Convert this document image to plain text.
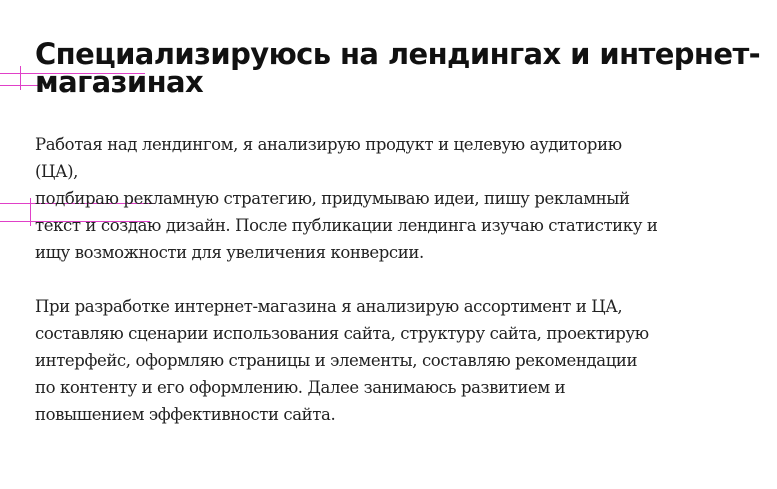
Специализируюсь на лендингах и интернет-
магазинах
Работая над лендингом, я анализирую продукт и целевую аудиторию
(ЦА),
подбираю рекламную стратегию, придумываю идеи, пишу рекламный
текст и создаю дизайн. После публикации лендинга изучаю статистику и
ищу возможности для увеличения конверсии.
При разработке интернет-магазина я анализирую ассортимент и ЦА,
составляю сценарии использования сайта, структуру сайта, проектирую
интерфейс, оформляю страницы и элементы, составляю рекомендации
по контенту и его оформлению. Далее занимаюсь развитием и
повышением эффективности сайта.
